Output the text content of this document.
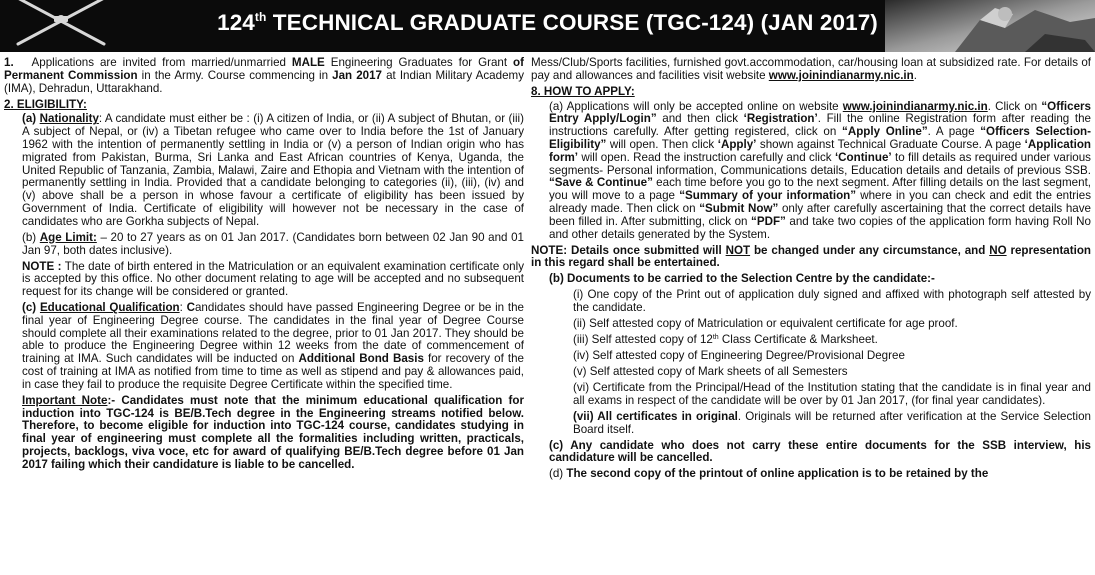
124th TECHNICAL GRADUATE COURSE (TGC-124) (JAN 2017)

1. Applications are invited from married/unmarried MALE Engineering Graduates for Grant of Permanent Commission in the Army. Course commencing in Jan 2017 at Indian Military Academy (IMA), Dehradun, Uttarakhand.

2. ELIGIBILITY:

(a) Nationality: A candidate must either be : (i) A citizen of India, or (ii) A subject of Bhutan, or (iii) A subject of Nepal, or (iv) a Tibetan refugee who came over to India before the 1st of January 1962 with the intention of permanently settling in India or (v) a person of Indian origin who has migrated from Pakistan, Burma, Sri Lanka and East African countries of Kenya, Uganda, the United Republic of Tanzania, Zambia, Malawi, Zaire and Ethopia and Vietnam with the intention of permanently settling in India. Provided that a candidate belonging to categories (ii), (iii), (iv) and (v) above shall be a person in whose favour a certificate of eligibility has been issued by Government of India. Certificate of eligibility will however not be necessary in the case of candidates who are Gorkha subjects of Nepal.

(b) Age Limit: – 20 to 27 years as on 01 Jan 2017. (Candidates born between 02 Jan 90 and 01 Jan 97, both dates inclusive).

NOTE : The date of birth entered in the Matriculation or an equivalent examination certificate only is accepted by this office. No other document relating to age will be accepted and no subsequent request for its change will be considered or granted.

(c) Educational Qualification: Candidates should have passed Engineering Degree or be in the final year of Engineering Degree course. The candidates in the final year of Degree Course should complete all their examinations related to the degree, prior to 01 Jan 2017. They should be able to produce the Engineering Degree within 12 weeks from the date of commencement of training at IMA. Such candidates will be inducted on Additional Bond Basis for recovery of the cost of training at IMA as notified from time to time as well as stipend and pay & allowances paid, in case they fail to produce the requisite Degree Certificate within the specified time.

Important Note:- Candidates must note that the minimum educational qualification for induction into TGC-124 is BE/B.Tech degree in the Engineering streams notified below. Therefore, to become eligible for induction into TGC-124 course, candidates studying in final year of engineering must complete all the formalities including written, practicals, projects, backlogs, viva voce, etc for award of qualifying BE/B.Tech degree before 01 Jan 2017 failing which their candidature is liable to be cancelled.

Mess/Club/Sports facilities, furnished govt.accommodation, car/housing loan at subsidized rate. For details of pay and allowances and facilities visit website www.joinindianarmy.nic.in.

8. HOW TO APPLY:

(a) Applications will only be accepted online on website www.joinindianarmy.nic.in. Click on “Officers Entry Apply/Login” and then click ‘Registration’. Fill the online Registration form after reading the instructions carefully. After getting registered, click on “Apply Online”. A page “Officers Selection- Eligibility” will open. Then click ‘Apply’ shown against Technical Graduate Course. A page ‘Application form’ will open. Read the instruction carefully and click ‘Continue’ to fill details as required under various segments- Personal information, Communications details, Education details and details of previous SSB. “Save & Continue” each time before you go to the next segment. After filling details on the last segment, you will move to a page “Summary of your information” where in you can check and edit the entries already made. Then click on “Submit Now” only after carefully ascertaining that the correct details have been filled in. After submitting, click on “PDF” and take two copies of the application form having Roll No and other details generated by the System.

NOTE: Details once submitted will NOT be changed under any circumstance, and NO representation in this regard shall be entertained.

(b) Documents to be carried to the Selection Centre by the candidate:-

(i) One copy of the Print out of application duly signed and affixed with photograph self attested by the candidate.

(ii) Self attested copy of Matriculation or equivalent certificate for age proof.

(iii) Self attested copy of 12th Class Certificate & Marksheet.

(iv) Self attested copy of Engineering Degree/Provisional Degree

(v) Self attested copy of Mark sheets of all Semesters

(vi) Certificate from the Principal/Head of the Institution stating that the candidate is in final year and all exams in respect of the candidate will be over by 01 Jan 2017, (for final year candidates).

(vii) All certificates in original. Originals will be returned after verification at the Service Selection Board itself.

(c) Any candidate who does not carry these entire documents for the SSB interview, his candidature will be cancelled.

(d) The second copy of the printout of online application is to be retained by the
